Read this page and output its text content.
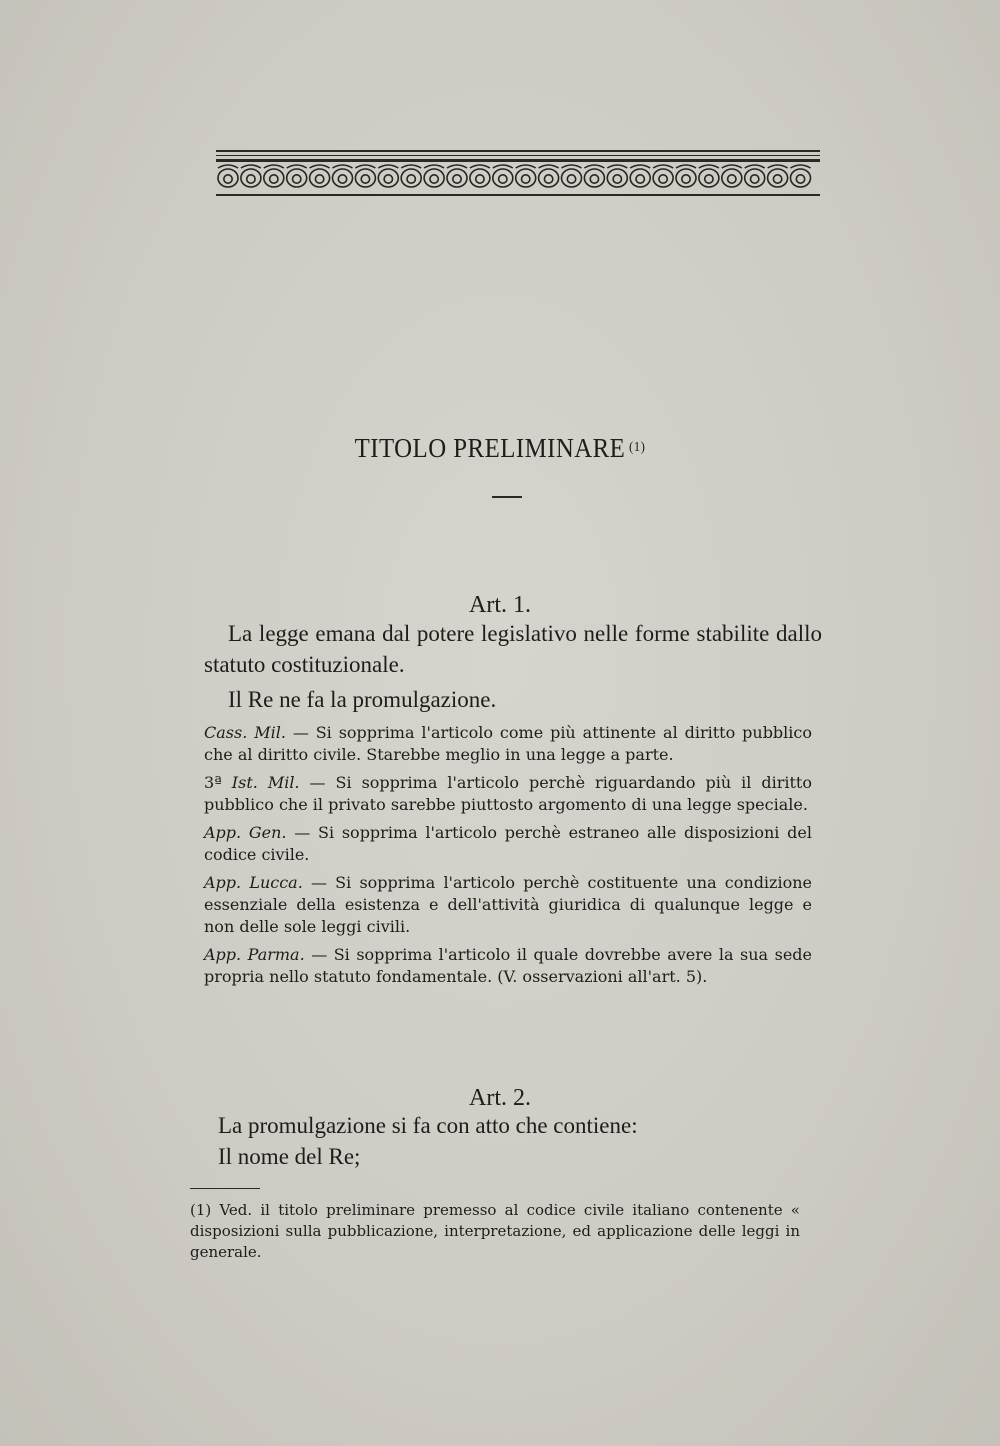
TITOLO PRELIMINARE $^{(1)}$
Art. 1.

La legge emana dal potere legislativo nelle forme stabilite dallo statuto costituzionale.

Il Re ne fa la promulgazione.

Cass. Mil. — Si sopprima l'articolo come più attinente al diritto pubblico che al diritto civile. Starebbe meglio in una legge a parte.
3ª Ist. Mil. — Si sopprima l'articolo perchè riguardando più il diritto pubblico che il privato sarebbe piuttosto argomento di una legge speciale.
App. Gen. — Si sopprima l'articolo perchè estraneo alle disposizioni del codice civile.
App. Lucca. — Si sopprima l'articolo perchè costituente una condizione essenziale della esistenza e dell'attività giuridica di qualunque legge e non delle sole leggi civili.
App. Parma. — Si sopprima l'articolo il quale dovrebbe avere la sua sede propria nello statuto fondamentale. (V. osservazioni all'art. 5).
Art. 2.

La promulgazione si fa con atto che contiene:

Il nome del Re;

(1) Ved. il titolo preliminare premesso al codice civile italiano contenente « disposizioni sulla pubblicazione, interpretazione, ed applicazione delle leggi in generale.
